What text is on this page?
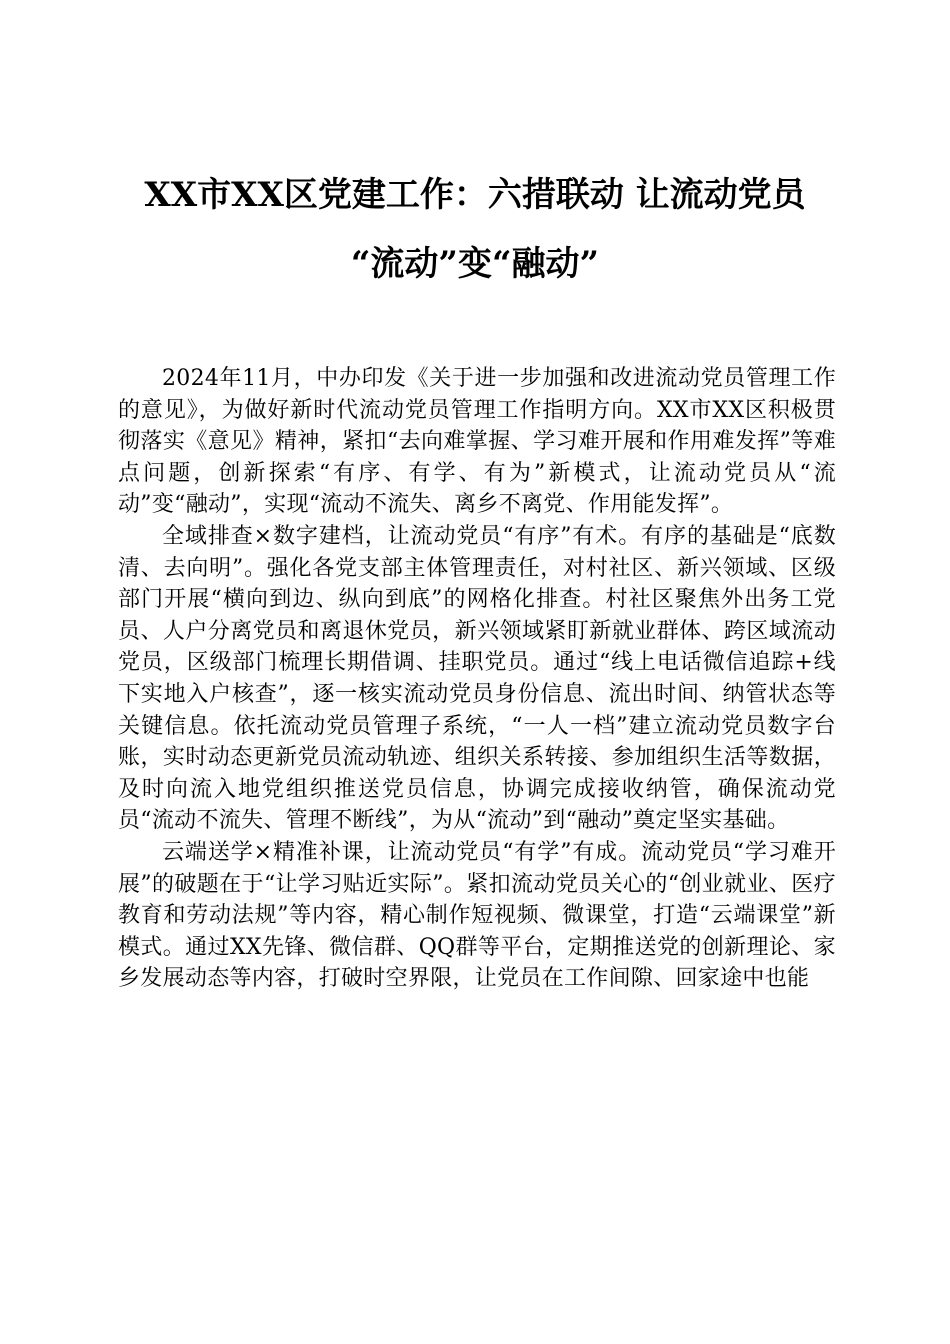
XX市XX区党建工作：六措联动 让流动党员
“流动”变“融动”

2024年11月，中办印发《关于进一步加强和改进流动党员管理工作的意见》，为做好新时代流动党员管理工作指明方向。XX市XX区积极贯彻落实《意见》精神，紧扣“去向难掌握、学习难开展和作用难发挥”等难点问题，创新探索“有序、有学、有为”新模式，让流动党员从“流动”变“融动”，实现“流动不流失、离乡不离党、作用能发挥”。

全域排查×数字建档，让流动党员“有序”有术。有序的基础是“底数清、去向明”。强化各党支部主体管理责任，对村社区、新兴领域、区级部门开展“横向到边、纵向到底”的网格化排查。村社区聚焦外出务工党员、人户分离党员和离退休党员，新兴领域紧盯新就业群体、跨区域流动党员，区级部门梳理长期借调、挂职党员。通过“线上电话微信追踪+线下实地入户核查”，逐一核实流动党员身份信息、流出时间、纳管状态等关键信息。依托流动党员管理子系统，“一人一档”建立流动党员数字台账，实时动态更新党员流动轨迹、组织关系转接、参加组织生活等数据，及时向流入地党组织推送党员信息，协调完成接收纳管，确保流动党员“流动不流失、管理不断线”，为从“流动”到“融动”奠定坚实基础。

云端送学×精准补课，让流动党员“有学”有成。流动党员“学习难开展”的破题在于“让学习贴近实际”。紧扣流动党员关心的“创业就业、医疗教育和劳动法规”等内容，精心制作短视频、微课堂，打造“云端课堂”新模式。通过XX先锋、微信群、QQ群等平台，定期推送党的创新理论、家乡发展动态等内容，打破时空界限，让党员在工作间隙、回家途中也能
